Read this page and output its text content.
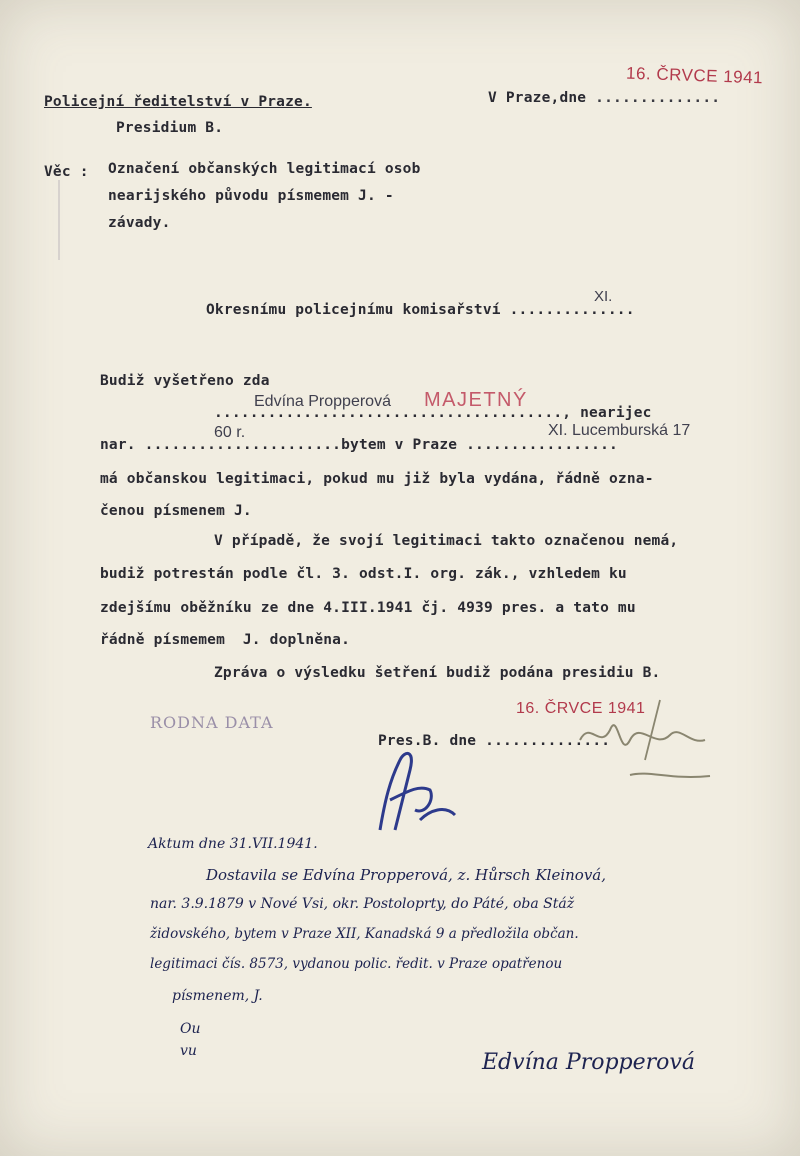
Policejní ředitelství v Praze.
Presidium B.
V Praze,dne ..............
16. ČRVCE 1941
Věc : Označení občanských legitimací osob
nearijského původu písmemem J. -
závady.
Okresnímu policejnímu komisařství ..............
XI.
Budiž vyšetřeno zda
......................................., nearijec
Edvína Propperová MAJETNÝ
nar. ......................bytem v Praze .................
60 r.	XI. Lucemburská 17
má občanskou legitimaci, pokud mu již byla vydána, řádně ozna-
čenou písmenem J.
V případě, že svojí legitimaci takto označenou nemá,
budiž potrestán podle čl. 3. odst.I. org. zák., vzhledem ku
zdejšímu oběžníku ze dne 4.III.1941 čj. 4939 pres. a tato mu
řádně písmemem  J. doplněna.
Zpráva o výsledku šetření budiž podána presidiu B.
RODNA DATA
16. ČRVCE 1941
Pres.B. dne ..............
Aktum dne 31.VII.1941.
Dostavila se Edvína Propperová, z. Hůrsch Kleinová,
nar. 3.9.1879 v Nové Vsi, okr. Postoloprty, do Páté, oba Stáž
židovského, bytem v Praze XII, Kanadská 9 a předložila občan.
legitimaci čís. 8573, vydanou polic. ředit. v Praze opatřenou
písmenem, J.
Ou
vu	Edvína Propperová
